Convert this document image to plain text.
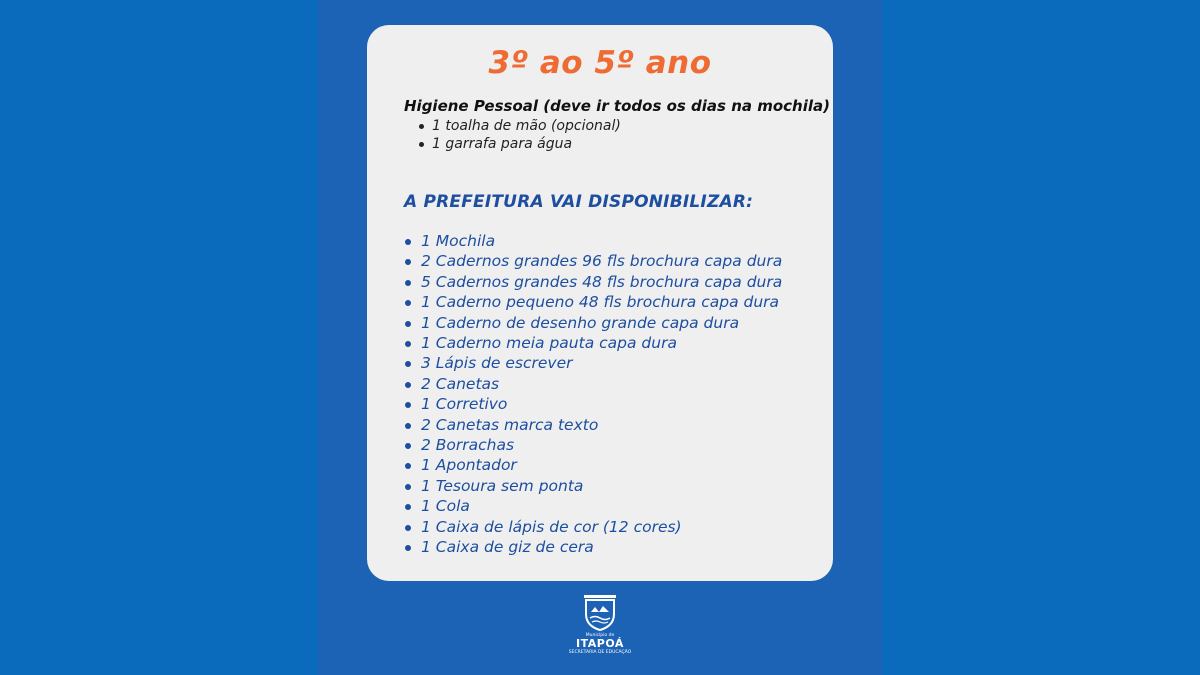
3º ao 5º ano
Higiene Pessoal (deve ir todos os dias na mochila)
1 toalha de mão (opcional)
1 garrafa para água
A PREFEITURA VAI DISPONIBILIZAR:
1 Mochila
2 Cadernos grandes 96 fls brochura capa dura
5 Cadernos grandes 48 fls brochura capa dura
1 Caderno pequeno 48 fls brochura capa dura
1 Caderno de desenho grande capa dura
1 Caderno meia pauta capa dura
3 Lápis de escrever
2 Canetas
1 Corretivo
2 Canetas marca texto
2 Borrachas
1 Apontador
1 Tesoura sem ponta
1 Cola
1 Caixa de lápis de cor (12 cores)
1 Caixa de giz de cera
Município de
ITAPOÁ
SECRETARIA DE EDUCAÇÃO
